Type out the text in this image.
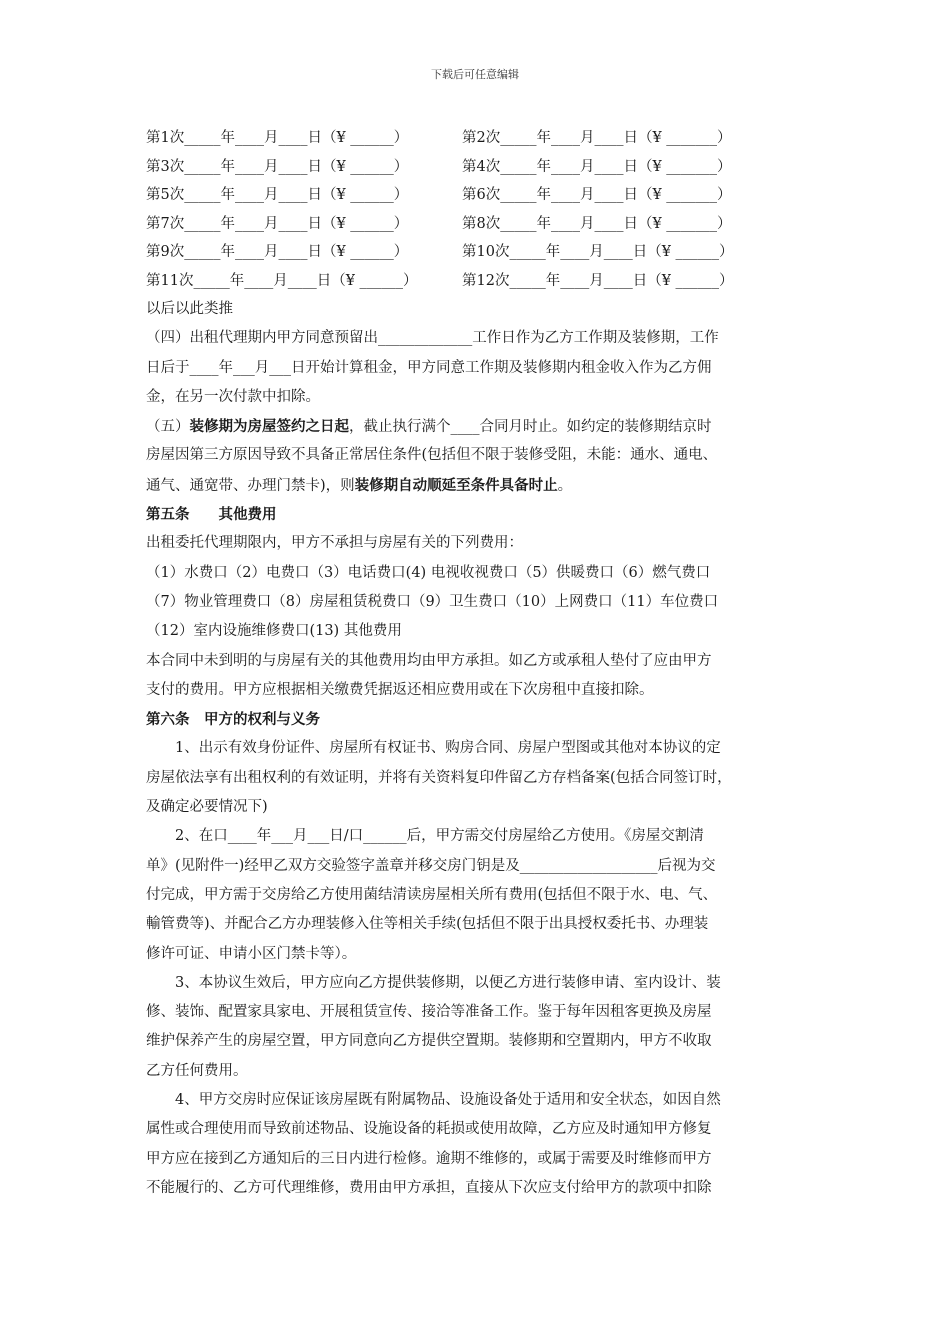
下载后可任意编辑
第1次_____年____月____日（¥ ______）	第2次_____年____月____日（¥ _______）
第3次_____年____月____日（¥ ______）	第4次_____年____月____日（¥ _______）
第5次_____年____月____日（¥ ______）	第6次_____年____月____日（¥ _______）
第7次_____年____月____日（¥ ______）	第8次_____年____月____日（¥ _______）
第9次_____年____月____日（¥ ______）	第10次_____年____月____日（¥ ______）
第11次_____年____月____日（¥ ______）	第12次_____年____月____日（¥ ______）
以后以此类推
（四）出租代理期内甲方同意预留出_____________工作日作为乙方工作期及装修期，工作
日后于____年___月___日开始计算租金，甲方同意工作期及装修期内租金收入作为乙方佣
金，在另一次付款中扣除。
（五）装修期为房屋签约之日起，截止执行满个____合同月时止。如约定的装修期结京时
房屋因第三方原因导致不具备正常居住条件(包括但不限于装修受阻，未能：通水、通电、
通气、通宽带、办理门禁卡)，则装修期自动顺延至条件具备时止。
第五条　　其他费用
出租委托代理期限内，甲方不承担与房屋有关的下列费用：
（1）水费口（2）电费口（3）电话费口(4) 电视收视费口（5）供暖费口（6）燃气费口
（7）物业管理费口（8）房屋租赁税费口（9）卫生费口（10）上网费口（11）车位费口
（12）室内设施维修费口(13) 其他费用
本合同中未到明的与房屋有关的其他费用均由甲方承担。如乙方或承租人垫付了应由甲方
支付的费用。甲方应根据相关缴费凭据返还相应费用或在下次房租中直接扣除。
第六条　甲方的权利与义务
1、出示有效身份证件、房屋所有权证书、购房合同、房屋户型图或其他对本协议的定
房屋依法享有出租权利的有效证明，并将有关资料复印件留乙方存档备案(包括合同签订时，
及确定必要情况下)
2、在口____年___月___日/口______后，甲方需交付房屋给乙方使用。《房屋交割清
单》(见附件一)经甲乙双方交验签字盖章并移交房门钥是及___________________后视为交
付完成，甲方需于交房给乙方使用菌结清读房屋相关所有费用(包括但不限于水、电、气、
輸管费等)、并配合乙方办理装修入住等相关手续(包括但不限于出具授权委托书、办理装
修许可证、申请小区门禁卡等）。
3、本协议生效后，甲方应向乙方提供装修期，以便乙方进行装修申请、室内设计、装
修、装饰、配置家具家电、开展租赁宣传、接洽等准备工作。鉴于每年因租客更换及房屋
维护保养产生的房屋空置，甲方同意向乙方提供空置期。装修期和空置期内，甲方不收取
乙方任何费用。
4、甲方交房时应保证该房屋既有附属物品、设施设备处于适用和安全状态，如因自然
属性或合理使用而导致前述物品、设施设备的耗损或使用故障，乙方应及时通知甲方修复
甲方应在接到乙方通知后的三日内进行检修。逾期不维修的，或属于需要及时维修而甲方
不能履行的、乙方可代理维修，费用由甲方承担，直接从下次应支付给甲方的款项中扣除
